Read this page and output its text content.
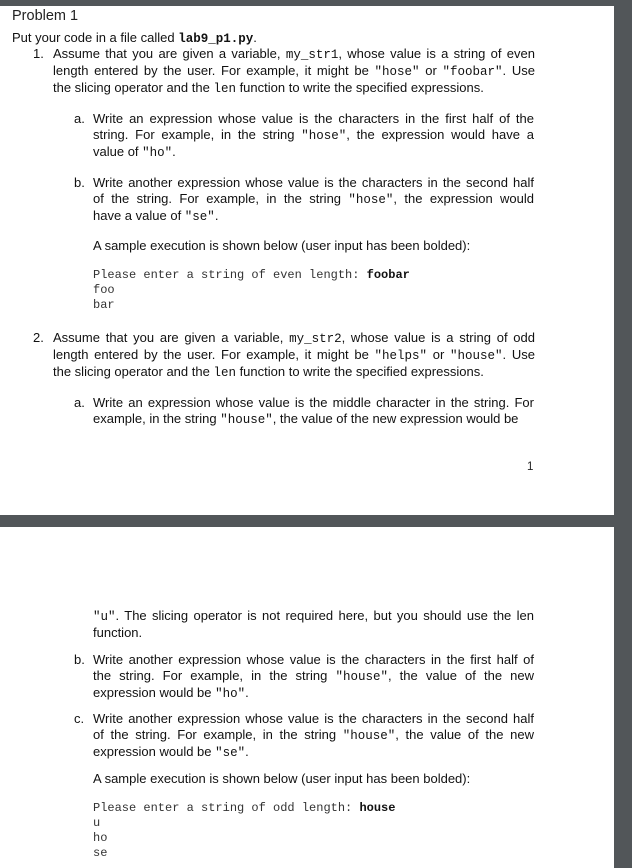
Problem 1
Put your code in a file called lab9_p1.py.
1. Assume that you are given a variable, my_str1, whose value is a string of even
length entered by the user. For example, it might be "hose" or "foobar". Use
the slicing operator and the len function to write the specified expressions.
a. Write an expression whose value is the characters in the first half of the
string. For example, in the string "hose", the expression would have a
value of "ho".
b. Write another expression whose value is the characters in the second half
of the string. For example, in the string "hose", the expression would
have a value of "se".
A sample execution is shown below (user input has been bolded):
Please enter a string of even length: foobar
foo
bar
2. Assume that you are given a variable, my_str2, whose value is a string of odd
length entered by the user. For example, it might be "helps" or "house". Use
the slicing operator and the len function to write the specified expressions.
a. Write an expression whose value is the middle character in the string. For
example, in the string "house", the value of the new expression would be
1
"u". The slicing operator is not required here, but you should use the len
function.
b. Write another expression whose value is the characters in the first half of
the string. For example, in the string "house", the value of the new
expression would be "ho".
c. Write another expression whose value is the characters in the second half
of the string. For example, in the string "house", the value of the new
expression would be "se".
A sample execution is shown below (user input has been bolded):
Please enter a string of odd length: house
u
ho
se
